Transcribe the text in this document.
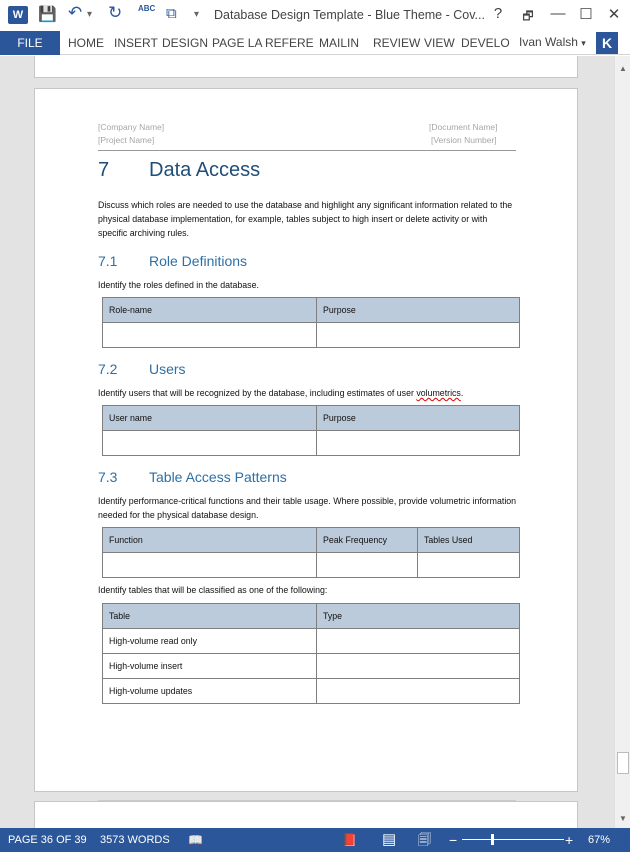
W 💾 ↶ ▾ ↻ ABC ⧉ ▾ Database Design Template - Blue Theme - Cov... ?	🗗	— ☐ ✕
FILE	HOME INSERT DESIGN PAGE LA REFERE MAILIN REVIEW VIEW DEVELO Ivan Walsh ▾	K
[Company Name]
[Project Name]
[Document Name]
[Version Number]
7 Data Access
Discuss which roles are needed to use the database and highlight any significant information related to the physical database implementation, for example, tables subject to high insert or delete activity or with specific archiving rules.
7.1 Role Definitions
Identify the roles defined in the database.
Role-name	Purpose

7.2 Users
Identify users that will be recognized by the database, including estimates of user volumetrics.
User name	Purpose

7.3 Table Access Patterns
Identify performance-critical functions and their table usage. Where possible, provide volumetric information needed for the physical database design.
Function	Peak Frequency	Tables Used

Identify tables that will be classified as one of the following:
Table	Type
High-volume read only	
High-volume insert	
High-volume updates	
▲
▼
PAGE 36 OF 39 3573 WORDS 📖	📕 ▤ 🗐 −	+ 67%
